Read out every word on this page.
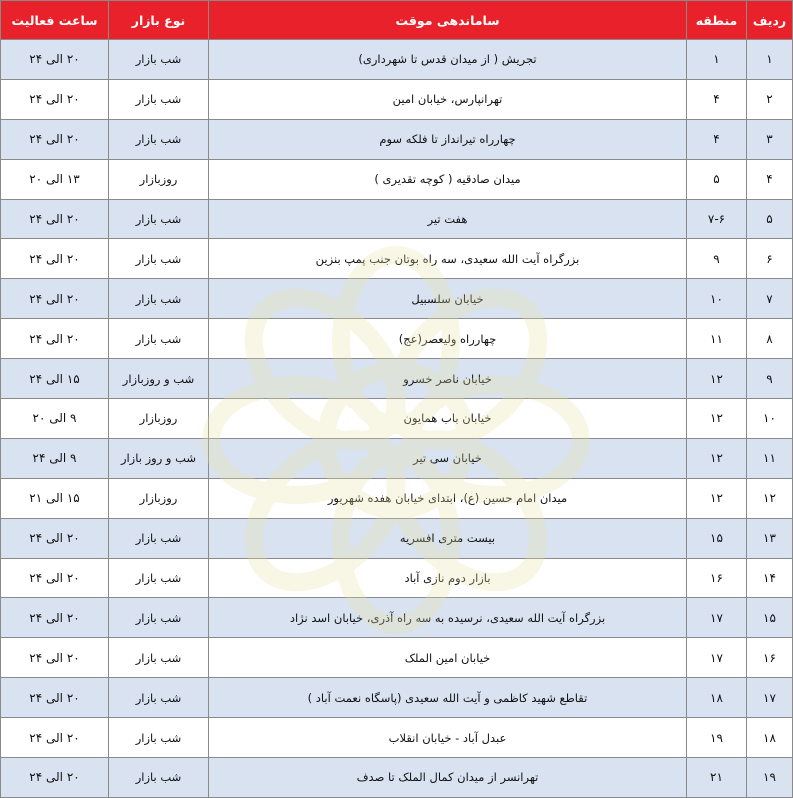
ردیف	منطقه	ساماندهی موقت	نوع بازار	ساعت فعالیت
۱	۱	تجریش ( از میدان قدس تا شهرداری)	شب بازار	۲۰ الی ۲۴
۲	۴	تهرانپارس، خیابان امین	شب بازار	۲۰ الی ۲۴
۳	۴	چهارراه تیرانداز تا فلکه سوم	شب بازار	۲۰ الی ۲۴
۴	۵	میدان صادقیه ( کوچه تقدیری )	روزبازار	۱۳ الی ۲۰
۵	۷-۶	هفت تیر	شب بازار	۲۰ الی ۲۴
۶	۹	بزرگراه آیت الله سعیدی، سه راه بوتان جنب پمپ بنزین	شب بازار	۲۰ الی ۲۴
۷	۱۰	خیابان سلسبیل	شب بازار	۲۰ الی ۲۴
۸	۱۱	چهارراه ولیعصر(عج)	شب بازار	۲۰ الی ۲۴
۹	۱۲	خیابان ناصر خسرو	شب و روزبازار	۱۵ الی ۲۴
۱۰	۱۲	خیابان باب همایون	روزبازار	۹ الی ۲۰
۱۱	۱۲	خیابان سی تیر	شب و روز بازار	۹ الی ۲۴
۱۲	۱۲	میدان امام حسین (ع)، ابتدای خیابان هفده شهریور	روزبازار	۱۵ الی ۲۱
۱۳	۱۵	بیست متری افسریه	شب بازار	۲۰ الی ۲۴
۱۴	۱۶	بازار دوم نازی آباد	شب بازار	۲۰ الی ۲۴
۱۵	۱۷	بزرگراه آیت الله سعیدی، نرسیده به سه راه آذری، خیابان اسد نژاد	شب بازار	۲۰ الی ۲۴
۱۶	۱۷	خیابان امین الملک	شب بازار	۲۰ الی ۲۴
۱۷	۱۸	تقاطع شهید کاظمی و آیت الله سعیدی (پاسگاه نعمت آباد )	شب بازار	۲۰ الی ۲۴
۱۸	۱۹	عبدل آباد - خیابان انقلاب	شب بازار	۲۰ الی ۲۴
۱۹	۲۱	تهرانسر از میدان کمال الملک تا صدف	شب بازار	۲۰ الی ۲۴
